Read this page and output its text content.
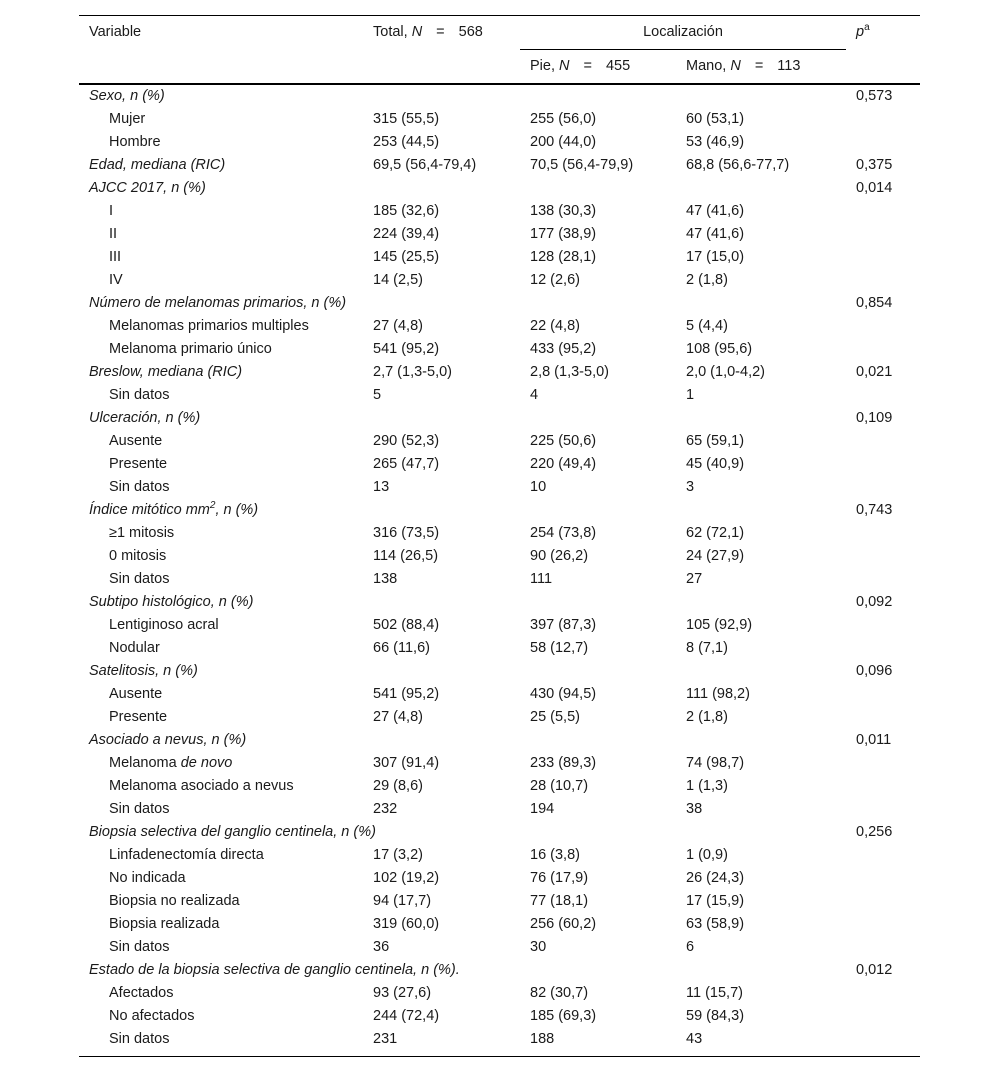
Variable	Total, N = 568	Localización		$p^a$
		Pie, N = 455	Mano, N = 113	
Sexo, n (%)				0,573
Mujer	315 (55,5)	255 (56,0)	60 (53,1)	
Hombre	253 (44,5)	200 (44,0)	53 (46,9)	
Edad, mediana (RIC)	69,5 (56,4-79,4)	70,5 (56,4-79,9)	68,8 (56,6-77,7)	0,375
AJCC 2017, n (%)				0,014
I	185 (32,6)	138 (30,3)	47 (41,6)	
II	224 (39,4)	177 (38,9)	47 (41,6)	
III	145 (25,5)	128 (28,1)	17 (15,0)	
IV	14 (2,5)	12 (2,6)	2 (1,8)	
Número de melanomas primarios, n (%)				0,854
Melanomas primarios multiples	27 (4,8)	22 (4,8)	5 (4,4)	
Melanoma primario único	541 (95,2)	433 (95,2)	108 (95,6)	
Breslow, mediana (RIC)	2,7 (1,3-5,0)	2,8 (1,3-5,0)	2,0 (1,0-4,2)	0,021
Sin datos	5	4	1	
Ulceración, n (%)				0,109
Ausente	290 (52,3)	225 (50,6)	65 (59,1)	
Presente	265 (47,7)	220 (49,4)	45 (40,9)	
Sin datos	13	10	3	
Índice mitótico $mm^2$, n (%)				0,743
≥1 mitosis	316 (73,5)	254 (73,8)	62 (72,1)	
0 mitosis	114 (26,5)	90 (26,2)	24 (27,9)	
Sin datos	138	111	27	
Subtipo histológico, n (%)				0,092
Lentiginoso acral	502 (88,4)	397 (87,3)	105 (92,9)	
Nodular	66 (11,6)	58 (12,7)	8 (7,1)	
Satelitosis, n (%)				0,096
Ausente	541 (95,2)	430 (94,5)	111 (98,2)	
Presente	27 (4,8)	25 (5,5)	2 (1,8)	
Asociado a nevus, n (%)				0,011
Melanoma de novo	307 (91,4)	233 (89,3)	74 (98,7)	
Melanoma asociado a nevus	29 (8,6)	28 (10,7)	1 (1,3)	
Sin datos	232	194	38	
Biopsia selectiva del ganglio centinela, n (%)				0,256
Linfadenectomía directa	17 (3,2)	16 (3,8)	1 (0,9)	
No indicada	102 (19,2)	76 (17,9)	26 (24,3)	
Biopsia no realizada	94 (17,7)	77 (18,1)	17 (15,9)	
Biopsia realizada	319 (60,0)	256 (60,2)	63 (58,9)	
Sin datos	36	30	6	
Estado de la biopsia selectiva de ganglio centinela, n (%).				0,012
Afectados	93 (27,6)	82 (30,7)	11 (15,7)	
No afectados	244 (72,4)	185 (69,3)	59 (84,3)	
Sin datos	231	188	43	
